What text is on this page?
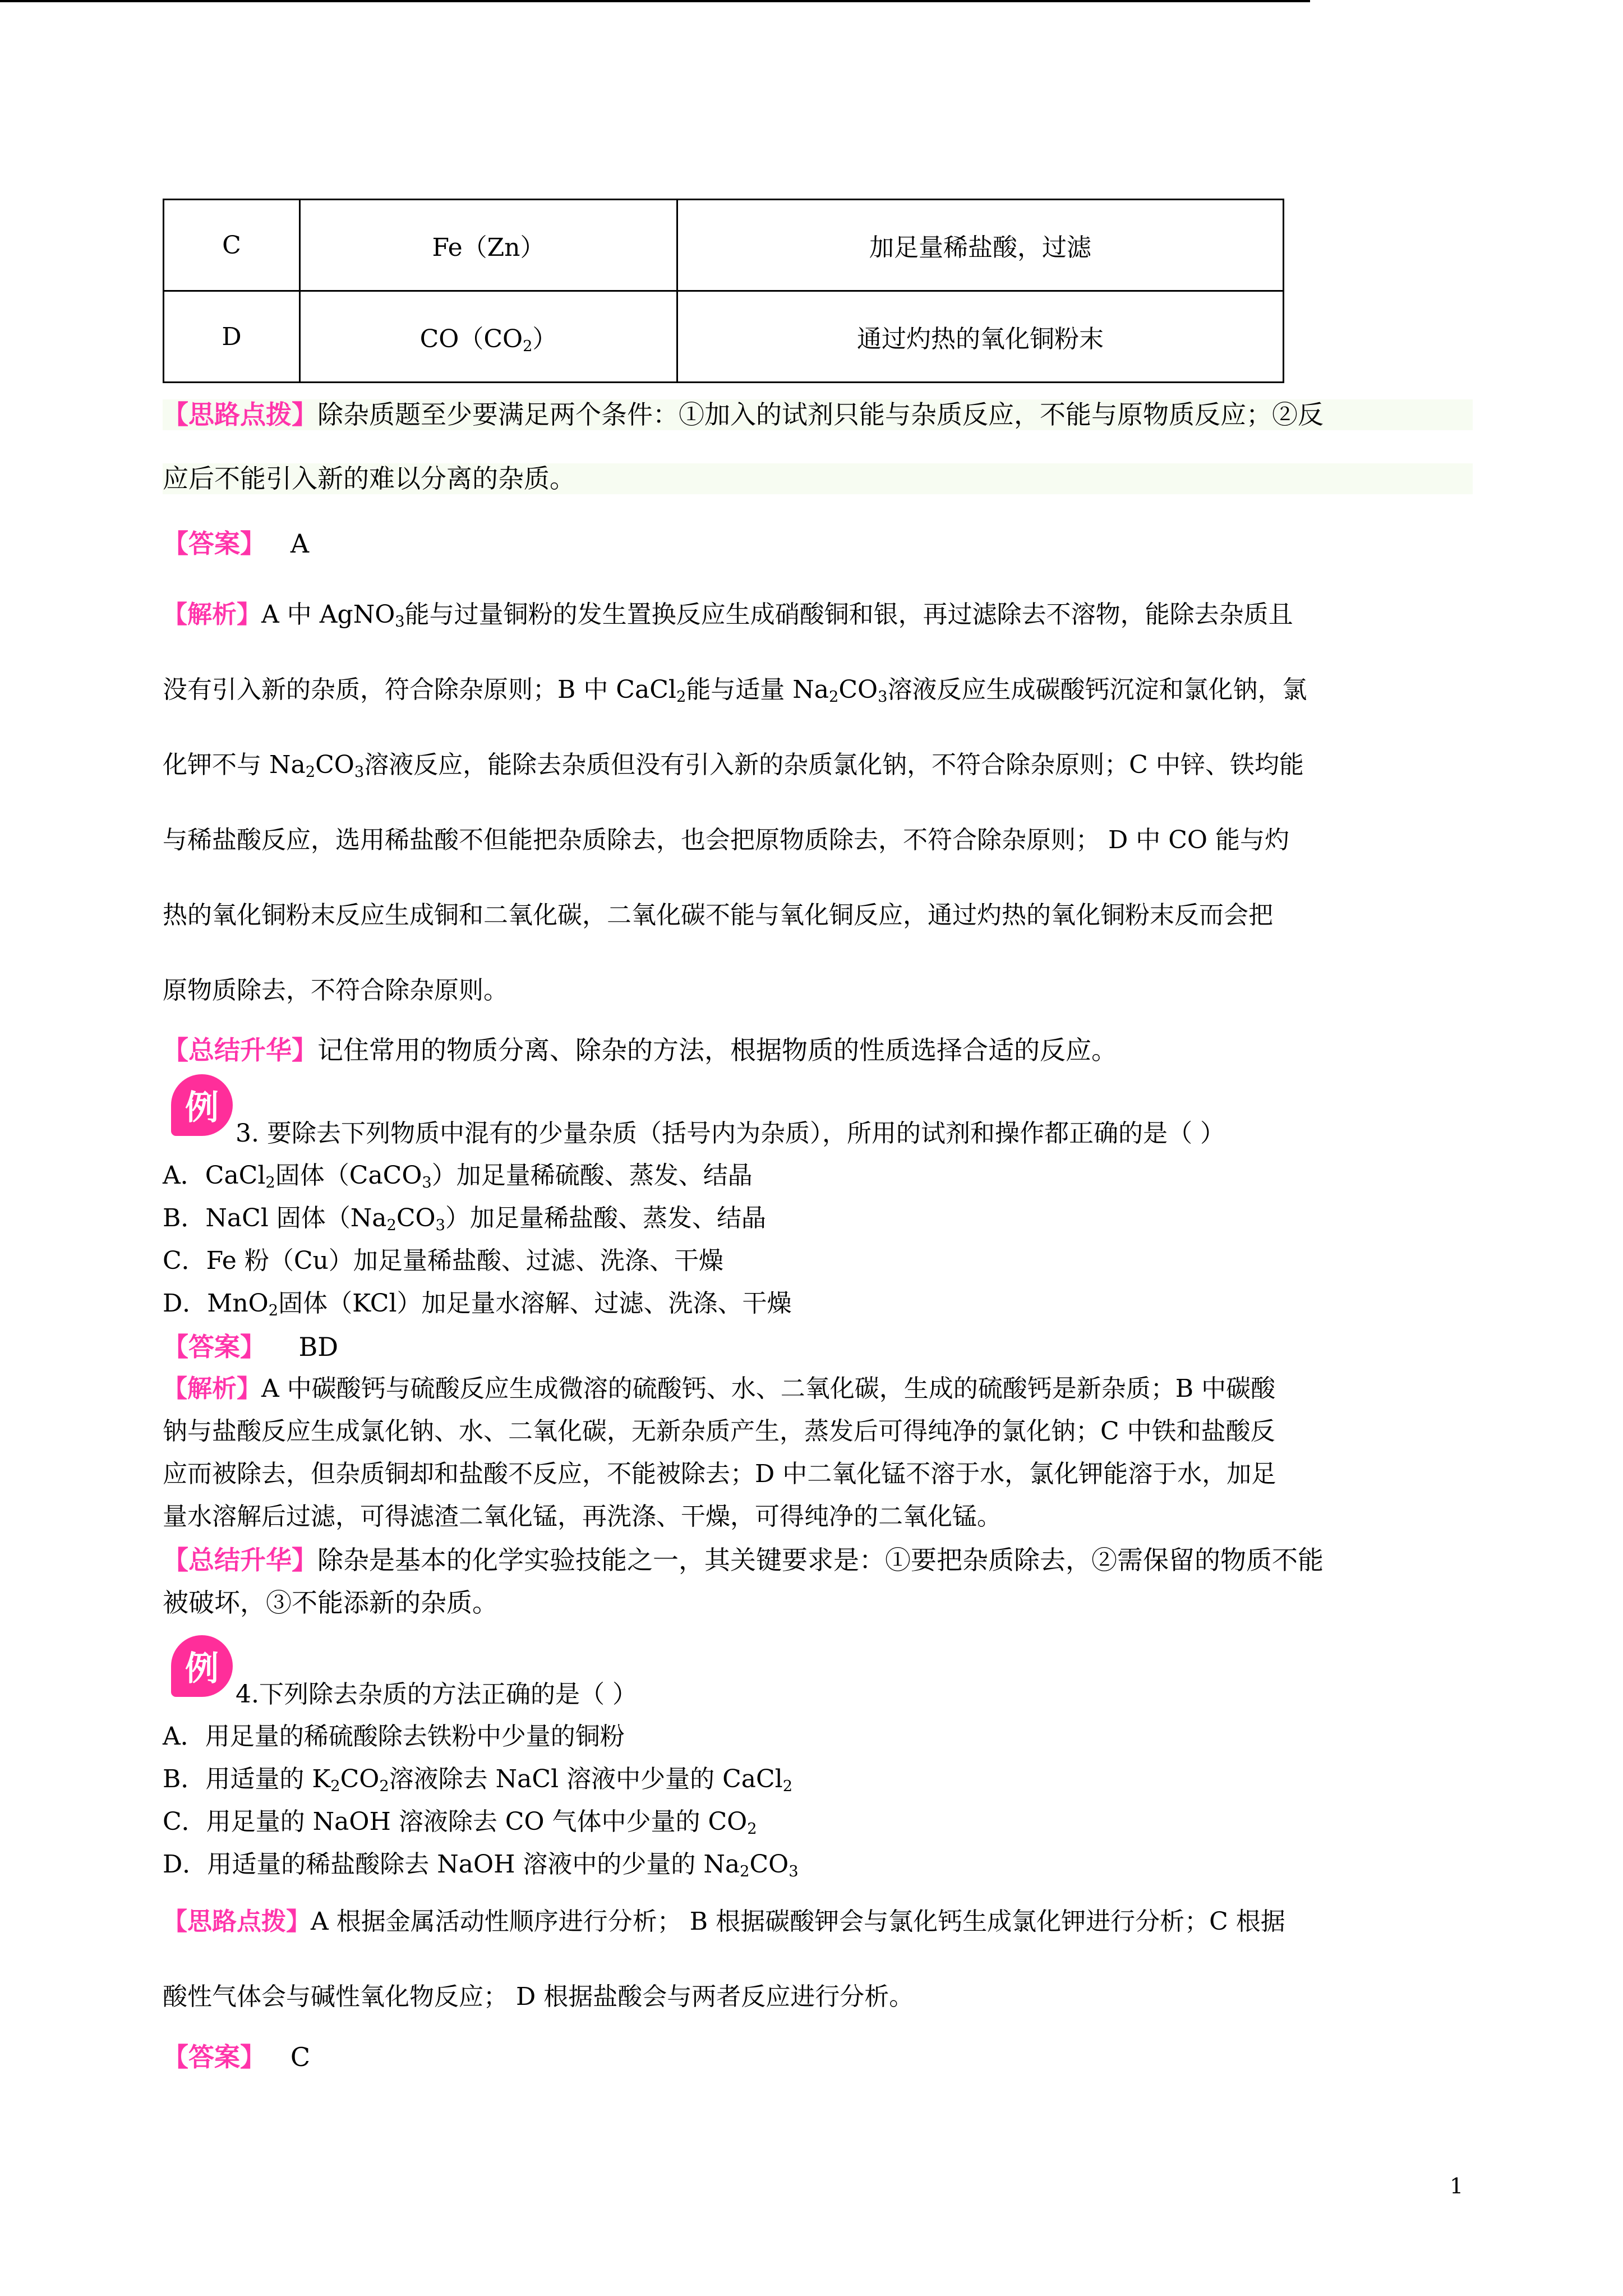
C	Fe（Zn）	加足量稀盐酸，过滤
D	$CO(CO_2)$	通过灼热的氧化铜粉末
【思路点拨】除杂质题至少要满足两个条件：①加入的试剂只能与杂质反应，不能与原物质反应；②反
应后不能引入新的难以分离的杂质。
【答案】 A
【解析】A 中 AgNO$_3$能与过量铜粉的发生置换反应生成硝酸铜和银，再过滤除去不溶物，能除去杂质且
没有引入新的杂质，符合除杂原则；B 中 CaCl$_2$能与适量 $Na_2CO_3$溶液反应生成碳酸钙沉淀和氯化钠，氯
化钾不与 $Na_2CO_3$溶液反应，能除去杂质但没有引入新的杂质氯化钠，不符合除杂原则；C 中锌、铁均能
与稀盐酸反应，选用稀盐酸不但能把杂质除去，也会把原物质除去，不符合除杂原则； D 中 CO 能与灼
热的氧化铜粉末反应生成铜和二氧化碳，二氧化碳不能与氧化铜反应，通过灼热的氧化铜粉末反而会把
原物质除去，不符合除杂原则。
【总结升华】记住常用的物质分离、除杂的方法，根据物质的性质选择合适的反应。
例
3. 要除去下列物质中混有的少量杂质（括号内为杂质），所用的试剂和操作都正确的是（ ）
A．CaCl$_2$固体（CaCO$_3$）加足量稀硫酸、蒸发、结晶
B．NaCl 固体$(Na_2CO_3)$加足量稀盐酸、蒸发、结晶
C．Fe 粉（Cu）加足量稀盐酸、过滤、洗涤、干燥
D．MnO$_2$固体（KCl）加足量水溶解、过滤、洗涤、干燥
【答案】 BD
【解析】A 中碳酸钙与硫酸反应生成微溶的硫酸钙、水、二氧化碳，生成的硫酸钙是新杂质；B 中碳酸
钠与盐酸反应生成氯化钠、水、二氧化碳，无新杂质产生，蒸发后可得纯净的氯化钠；C 中铁和盐酸反
应而被除去，但杂质铜却和盐酸不反应，不能被除去；D 中二氧化锰不溶于水，氯化钾能溶于水，加足
量水溶解后过滤，可得滤渣二氧化锰，再洗涤、干燥，可得纯净的二氧化锰。
【总结升华】除杂是基本的化学实验技能之一，其关键要求是：①要把杂质除去，②需保留的物质不能
被破坏，③不能添新的杂质。
例
4.下列除去杂质的方法正确的是（ ）
A．用足量的稀硫酸除去铁粉中少量的铜粉
B．用适量的 $K_2CO_2$溶液除去 NaCl 溶液中少量的 CaCl$_2$
C．用足量的 NaOH 溶液除去 CO 气体中少量的 $CO_2$
D．用适量的稀盐酸除去 NaOH 溶液中的少量的 $Na_2CO_3$
【思路点拨】A 根据金属活动性顺序进行分析； B 根据碳酸钾会与氯化钙生成氯化钾进行分析；C 根据
酸性气体会与碱性氧化物反应； D 根据盐酸会与两者反应进行分析。
【答案】 C
1
